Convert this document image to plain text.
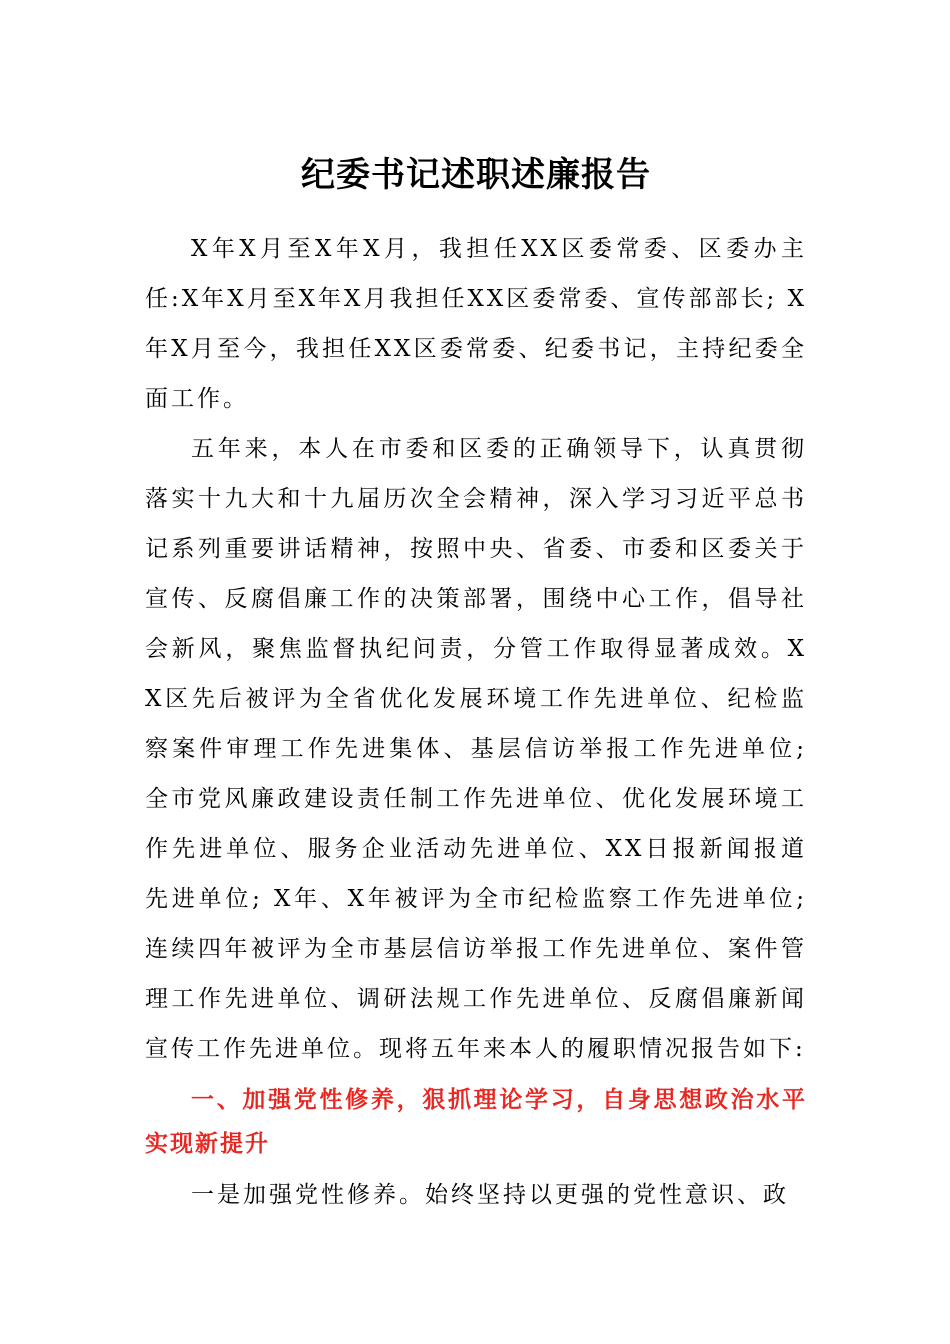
纪委书记述职述廉报告

X年X月至X年X月，我担任XX区委常委、区委办主任:X年X月至X年X月我担任XX区委常委、宣传部部长; X年X月至今，我担任XX区委常委、纪委书记，主持纪委全面工作。

五年来，本人在市委和区委的正确领导下，认真贯彻落实十九大和十九届历次全会精神，深入学习习近平总书记系列重要讲话精神，按照中央、省委、市委和区委关于宣传、反腐倡廉工作的决策部署，围绕中心工作，倡导社会新风，聚焦监督执纪问责，分管工作取得显著成效。XX区先后被评为全省优化发展环境工作先进单位、纪检监察案件审理工作先进集体、基层信访举报工作先进单位; 全市党风廉政建设责任制工作先进单位、优化发展环境工作先进单位、服务企业活动先进单位、XX日报新闻报道先进单位; X年、X年被评为全市纪检监察工作先进单位; 连续四年被评为全市基层信访举报工作先进单位、案件管理工作先进单位、调研法规工作先进单位、反腐倡廉新闻宣传工作先进单位。现将五年来本人的履职情况报告如下:

一、加强党性修养，狠抓理论学习，自身思想政治水平实现新提升

一是加强党性修养。始终坚持以更强的党性意识、政
